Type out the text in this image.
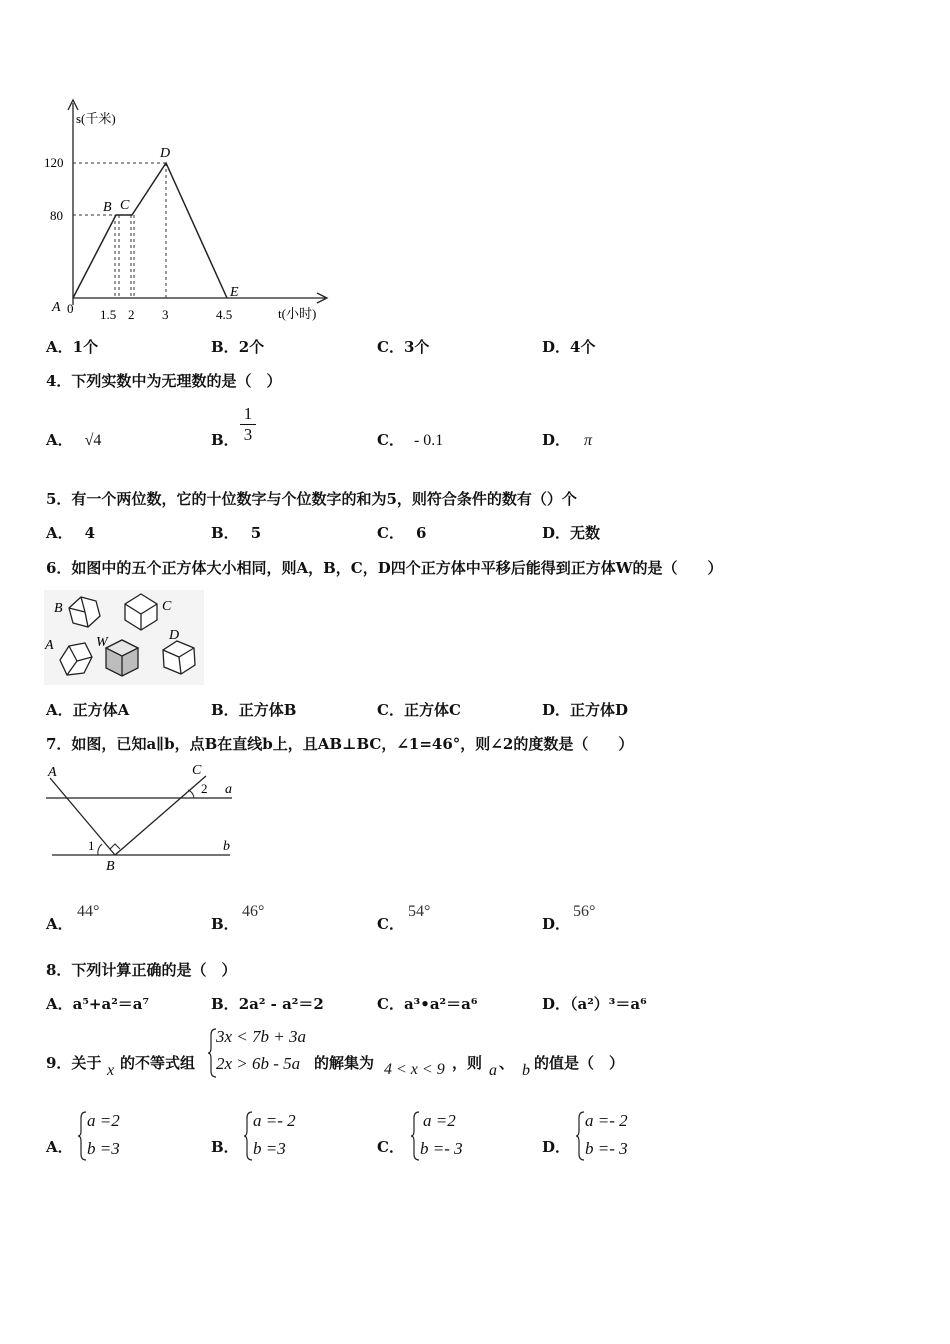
s(千米)
t(小时)
120
80
0 1.5 2 3	4.5
A
B C
D
E
A．1个	B．2个	C．3个	D．4个
4．下列实数中为无理数的是（　）
A． √4	B．
1
3	C． - 0.1	D． π
5．有一个两位数，它的十位数字与个位数字的和为5，则符合条件的数有（）个
A． 4	B． 5	C． 6	D．无数
6．如图中的五个正方体大小相同，则A，B，C，D四个正方体中平移后能得到正方体W的是（　　）
B	C
A	W	D
A．正方体A	B．正方体B	C．正方体C	D．正方体D
7．如图，已知a∥b，点B在直线b上，且AB⊥BC，∠1=46°，则∠2的度数是（　　）
A	C
2 a
1
B
b
A．
44°
B．
46°
C．
54°
D．
56°
8．下列计算正确的是（　）
A．a⁵+a²＝a⁷	B．2a² - a²＝2	C．a³•a²＝a⁶	D．（a²）³＝a⁶
9．关于 x 的不等式组
3x < 7b + 3a
2x > 6b - 5a 的解集为 4 < x < 9 ，则 a 、 b 的值是（　）
A．
a =2
b =3	B．
a =- 2
b =3	C．
a =2
b =- 3	D．
a =- 2
b =- 3
